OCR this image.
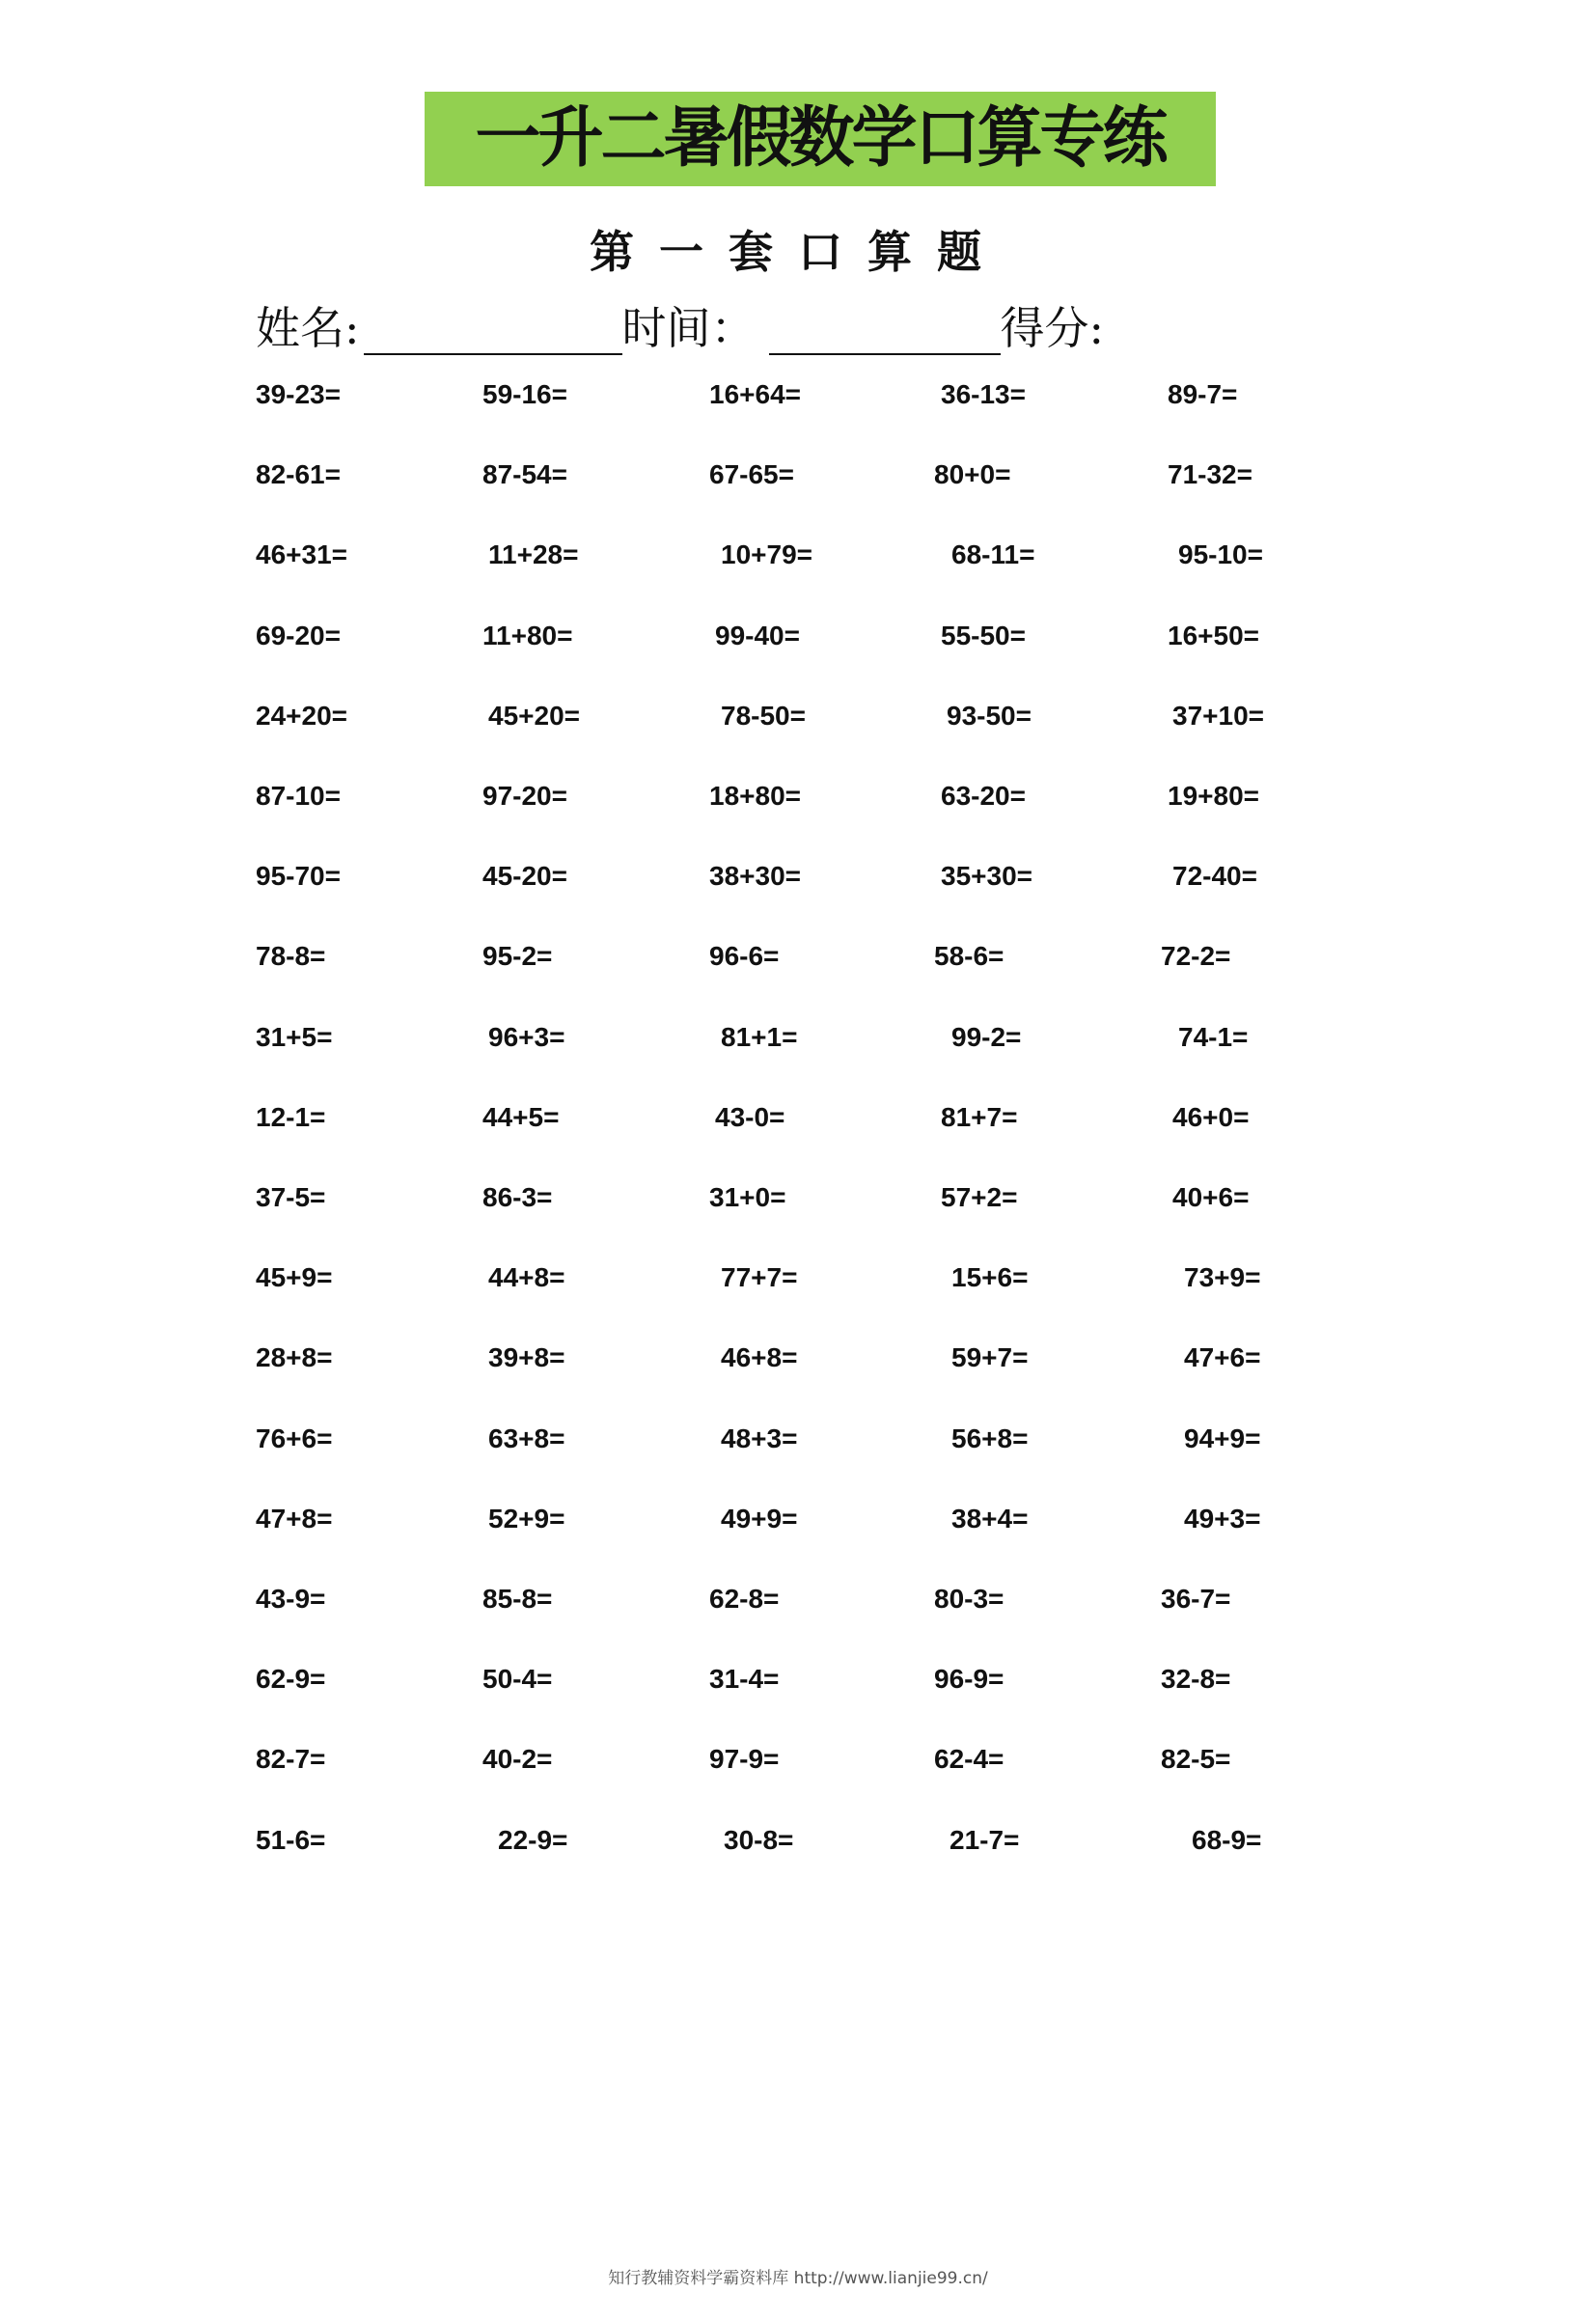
一升二暑假数学口算专练
第一套口算题
姓名:	时间：	得分:
39-23=	59-16=	16+64=	36-13=	89-7=
82-61=	87-54=	67-65=	80+0=	71-32=
46+31=	11+28=	10+79=	68-11=	95-10=
69-20=	11+80=	99-40=	55-50=	16+50=
24+20=	45+20=	78-50=	93-50=	37+10=
87-10=	97-20=	18+80=	63-20=	19+80=
95-70=	45-20=	38+30=	35+30=	72-40=
78-8=	95-2=	96-6=	58-6=	72-2=
31+5=	96+3=	81+1=	99-2=	74-1=
12-1=	44+5=	43-0=	81+7=	46+0=
37-5=	86-3=	31+0=	57+2=	40+6=
45+9=	44+8=	77+7=	15+6=	73+9=
28+8=	39+8=	46+8=	59+7=	47+6=
76+6=	63+8=	48+3=	56+8=	94+9=
47+8=	52+9=	49+9=	38+4=	49+3=
43-9=	85-8=	62-8=	80-3=	36-7=
62-9=	50-4=	31-4=	96-9=	32-8=
82-7=	40-2=	97-9=	62-4=	82-5=
51-6=	22-9=	30-8=	21-7=	68-9=
知行教辅资料学霸资料库 http://www.lianjie99.cn/
